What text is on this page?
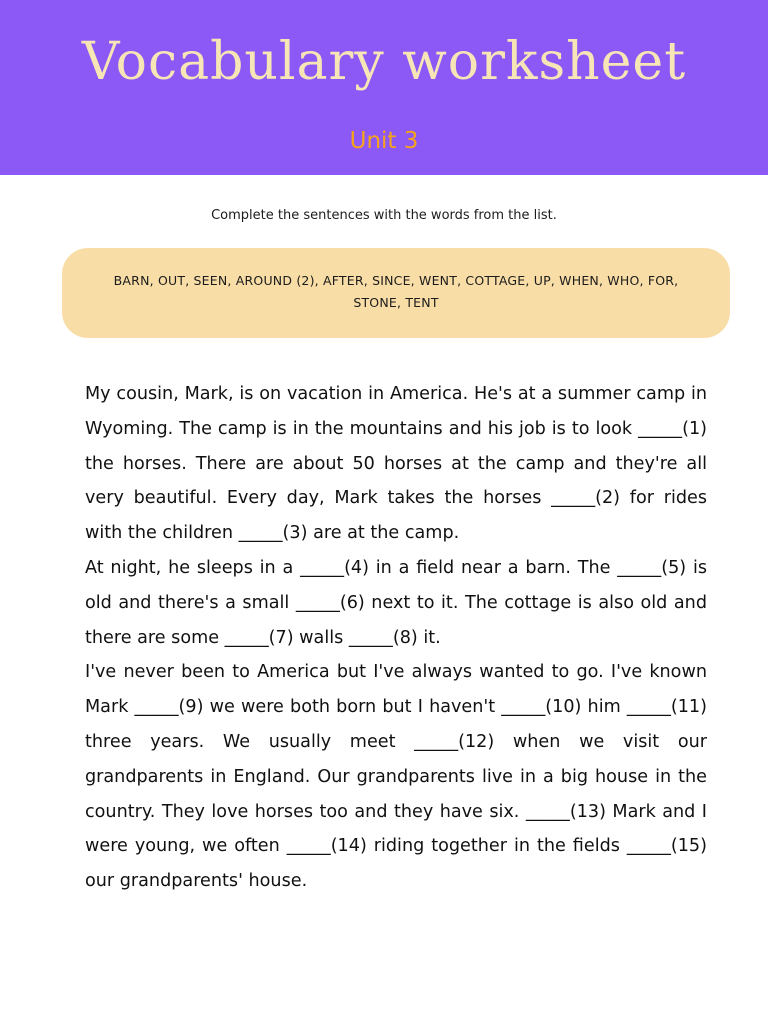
Vocabulary worksheet
Unit 3
Complete the sentences with the words from the list.
BARN, OUT, SEEN, AROUND (2), AFTER, SINCE, WENT, COTTAGE, UP, WHEN, WHO, FOR, STONE, TENT

My cousin, Mark, is on vacation in America. He's at a summer camp in Wyoming. The camp is in the mountains and his job is to look _____(1) the horses. There are about 50 horses at the camp and they're all very beautiful. Every day, Mark takes the horses _____(2) for rides with the children _____(3) are at the camp.

At night, he sleeps in a _____(4) in a field near a barn. The _____(5) is old and there's a small _____(6) next to it. The cottage is also old and there are some _____(7) walls _____(8) it.

I've never been to America but I've always wanted to go. I've known Mark _____(9) we were both born but I haven't _____(10) him _____(11) three years. We usually meet _____(12) when we visit our grandparents in England. Our grandparents live in a big house in the country. They love horses too and they have six. _____(13) Mark and I were young, we often _____(14) riding together in the fields _____(15) our grandparents' house.
